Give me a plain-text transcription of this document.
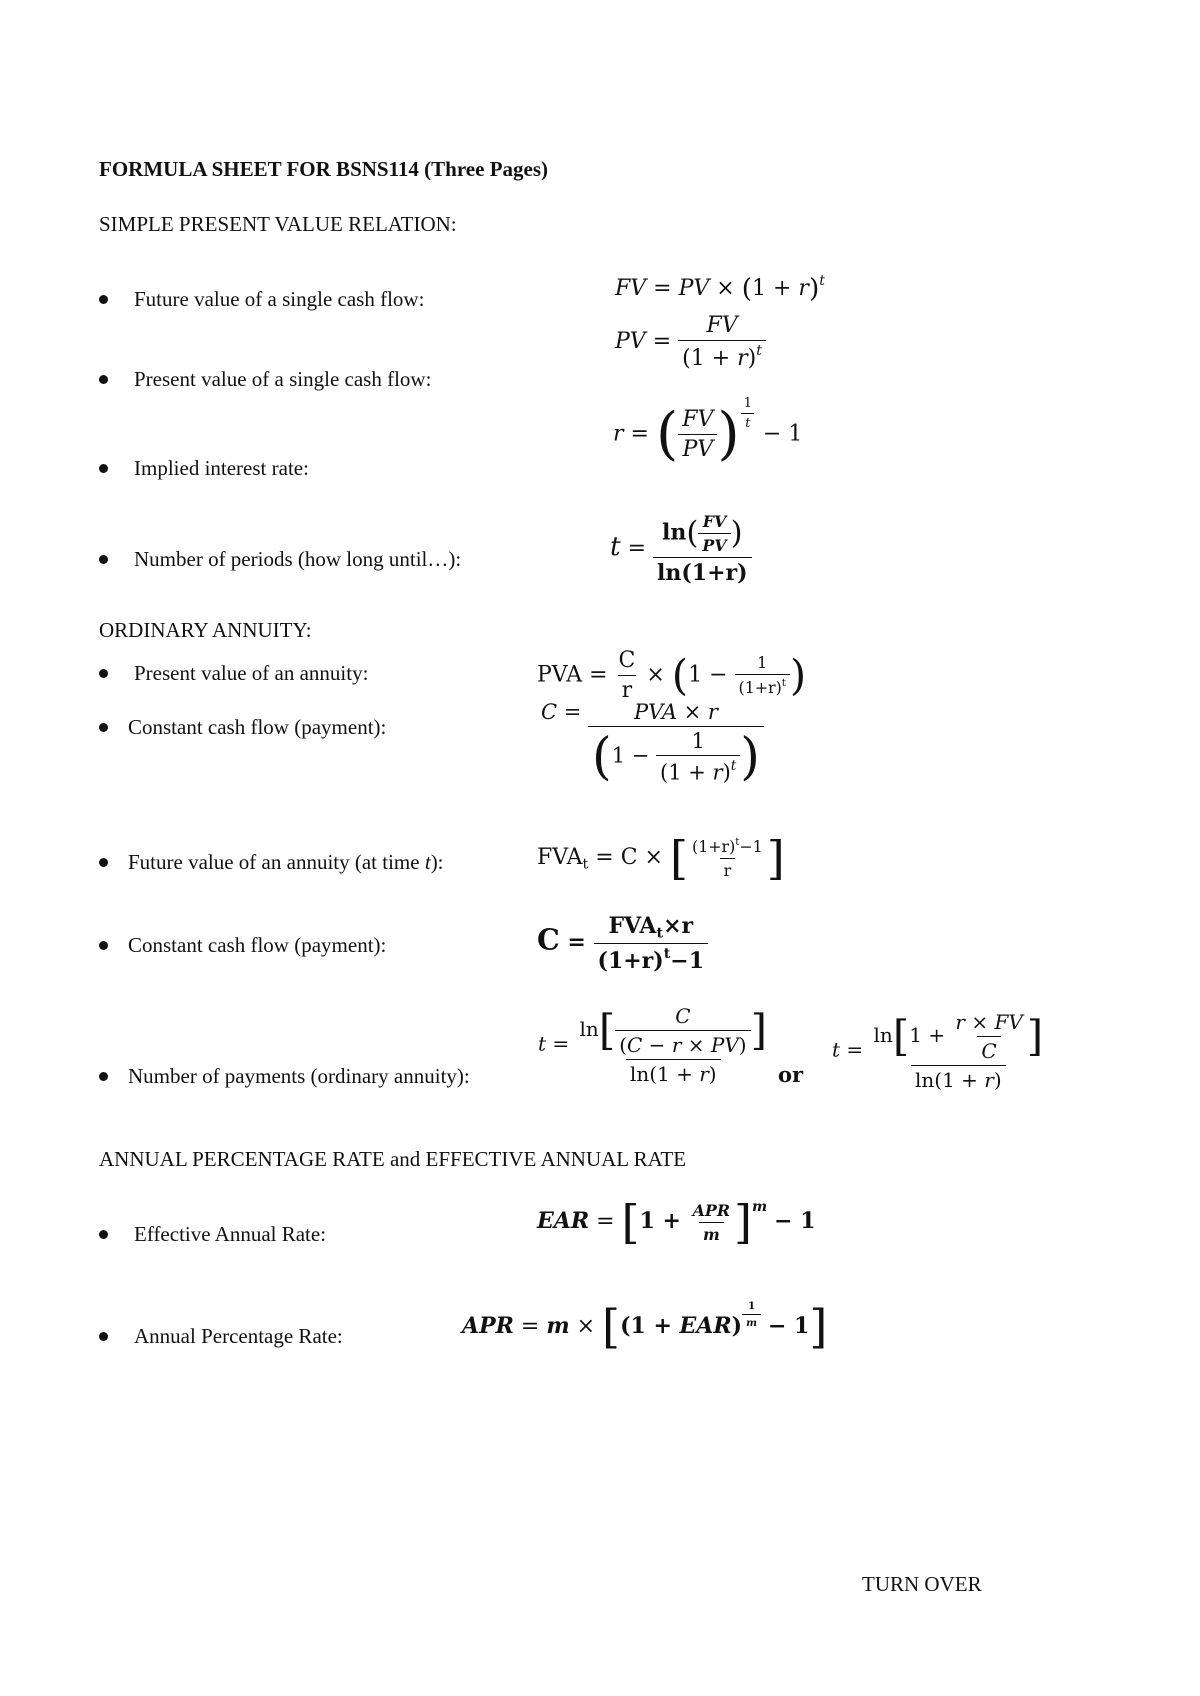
FORMULA SHEET FOR BSNS114 (Three Pages)
SIMPLE PRESENT VALUE RELATION:
Future value of a single cash flow:	FV = PV × $(1 + r)^t$
Present value of a single cash flow:
PV = $\frac{FV}{(1 + r)^t}$
Implied interest rate:
r = ( $\frac{FV}{PV}$ ) $^{\frac{1}{t}}$
− 1
Number of periods (how long until…):	$t = \frac{\ln( \frac{FV}{PV} )}{\ln(1+r)}$
ORDINARY ANNUITY:
Present value of an annuity:	PVA = $\frac{C}{r} \times (1 - \frac{1}{(1+r)^t}$ )
Constant cash flow (payment):
$C = \frac{\text{PVA × r}}{(1 - \frac{1}{(1 + r)^t} )}$
Future value of an annuity (at time t):	$FVA_t = C$ × [ $\frac{(1+r)^t-1}{r}$ ]
Constant cash flow (payment):	$C = \frac{FVA_t\times r}{(1+r)^t-1}$
Number of payments (ordinary annuity):
$t = \frac{\ln[ \frac{C}{(C - r \times PV)} ]}{\ln(1 + r)}$ or
$t = \frac{\ln[1 + \frac{r \times FV}{C} ]}{\ln(1 + r)}$
ANNUAL PERCENTAGE RATE and EFFECTIVE ANNUAL RATE
Effective Annual Rate:	EAR = $[1 + \frac{\text{APR}}{m} ]^m - 1$
Annual Percentage Rate:	APR = m × [(1 + EAR) $^{\frac{1}{m}}$ − 1]
TURN OVER
